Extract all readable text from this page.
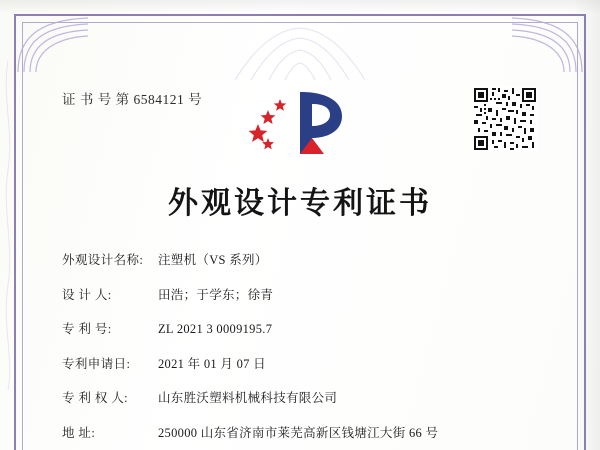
证 书 号 第 6584121 号
外观设计专利证书
外观设计名称:	注塑机（VS 系列）
设 计 人:	田浩；于学东；徐青
专 利 号:	ZL 2021 3 0009195.7
专利申请日:	2021 年 01 月 07 日
专 利 权 人:	山东胜沃塑料机械科技有限公司
地 址:	250000 山东省济南市莱芜高新区钱塘江大街 66 号
